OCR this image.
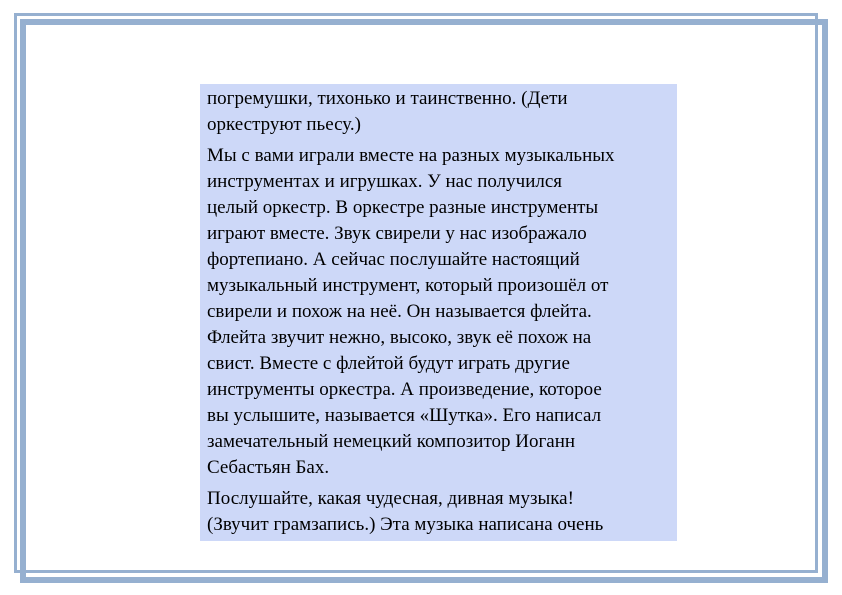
погремушки, тихонько и таинственно. (Дети
оркеструют пьесу.)

Мы с вами играли вместе на разных музыкальных
инструментах и игрушках. У нас получился
целый оркестр. В оркестре разные инструменты
играют вместе. Звук свирели у нас изображало
фортепиано. А сейчас послушайте настоящий
музыкальный инструмент, который произошёл от
свирели и похож на неё. Он называется флейта.
Флейта звучит нежно, высоко, звук её похож на
свист. Вместе с флейтой будут играть другие
инструменты оркестра. А произведение, которое
вы услышите, называется «Шутка». Его написал
замечательный немецкий композитор Иоганн
Себастьян Бах.

Послушайте, какая чудесная, дивная музыка!
(Звучит грамзапись.) Эта музыка написана очень
